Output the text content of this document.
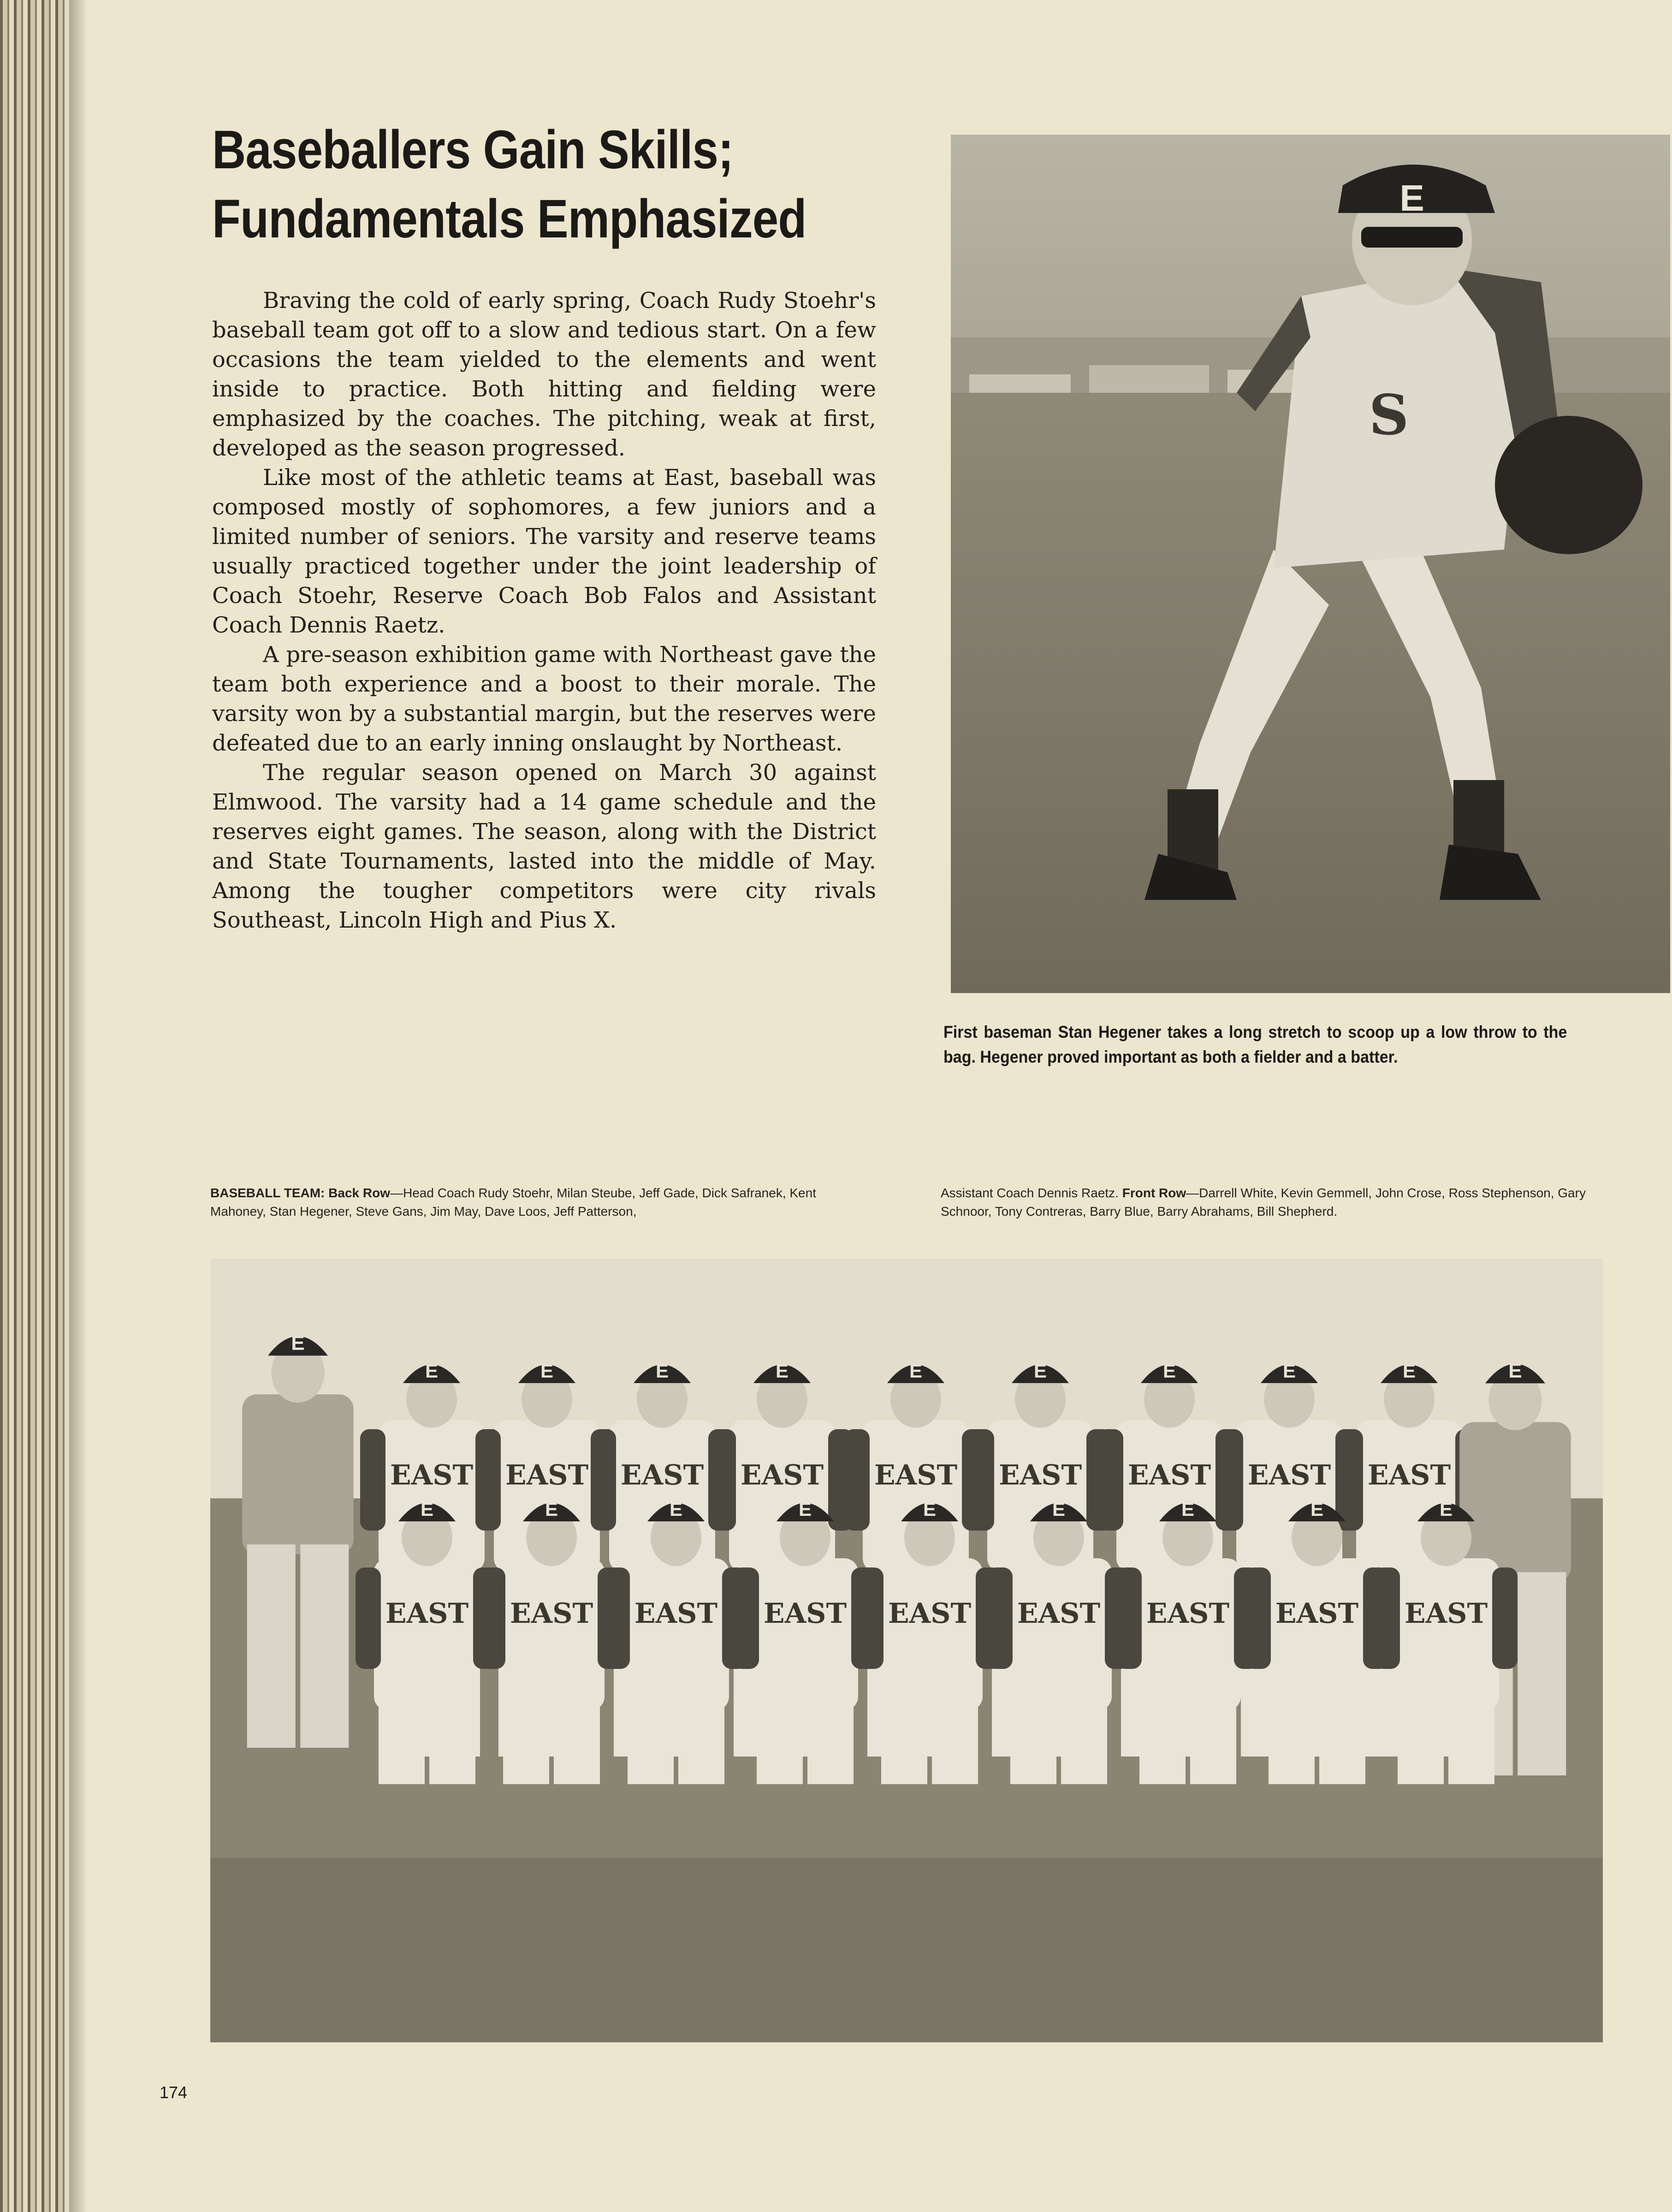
Baseballers Gain Skills;
Fundamentals Emphasized

Braving the cold of early spring, Coach Rudy Stoehr's baseball team got off to a slow and tedious start. On a few occasions the team yielded to the elements and went inside to practice. Both hitting and fielding were emphasized by the coaches. The pitching, weak at first, developed as the season progressed.

Like most of the athletic teams at East, baseball was composed mostly of sophomores, a few juniors and a limited number of seniors. The varsity and reserve teams usually practiced together under the joint leadership of Coach Stoehr, Reserve Coach Bob Falos and Assistant Coach Dennis Raetz.

A pre-season exhibition game with Northeast gave the team both experience and a boost to their morale. The varsity won by a substantial margin, but the reserves were defeated due to an early inning onslaught by Northeast.

The regular season opened on March 30 against Elmwood. The varsity had a 14 game schedule and the reserves eight games. The season, along with the District and State Tournaments, lasted into the middle of May. Among the tougher competitors were city rivals Southeast, Lincoln High and Pius X.

E
S
First baseman Stan Hegener takes a long stretch to scoop up a low throw to the bag. Hegener proved important as both a fielder and a batter.
BASEBALL TEAM: Back Row—Head Coach Rudy Stoehr, Milan Steube, Jeff Gade, Dick Safranek, Kent Mahoney, Stan Hegener, Steve Gans, Jim May, Dave Loos, Jeff Patterson,
Assistant Coach Dennis Raetz. Front Row—Darrell White, Kevin Gemmell, John Crose, Ross Stephenson, Gary Schnoor, Tony Contreras, Barry Blue, Barry Abrahams, Bill Shepherd.
E
EAST
E
EAST
E
EAST
E
EAST
E
EAST
E
EAST
E
EAST
E
EAST
E
EAST
E	E
EAST
E
EAST
E
EAST
E
EAST
E
EAST
E
EAST
E
EAST
E
EAST
E
EAST
E
174
